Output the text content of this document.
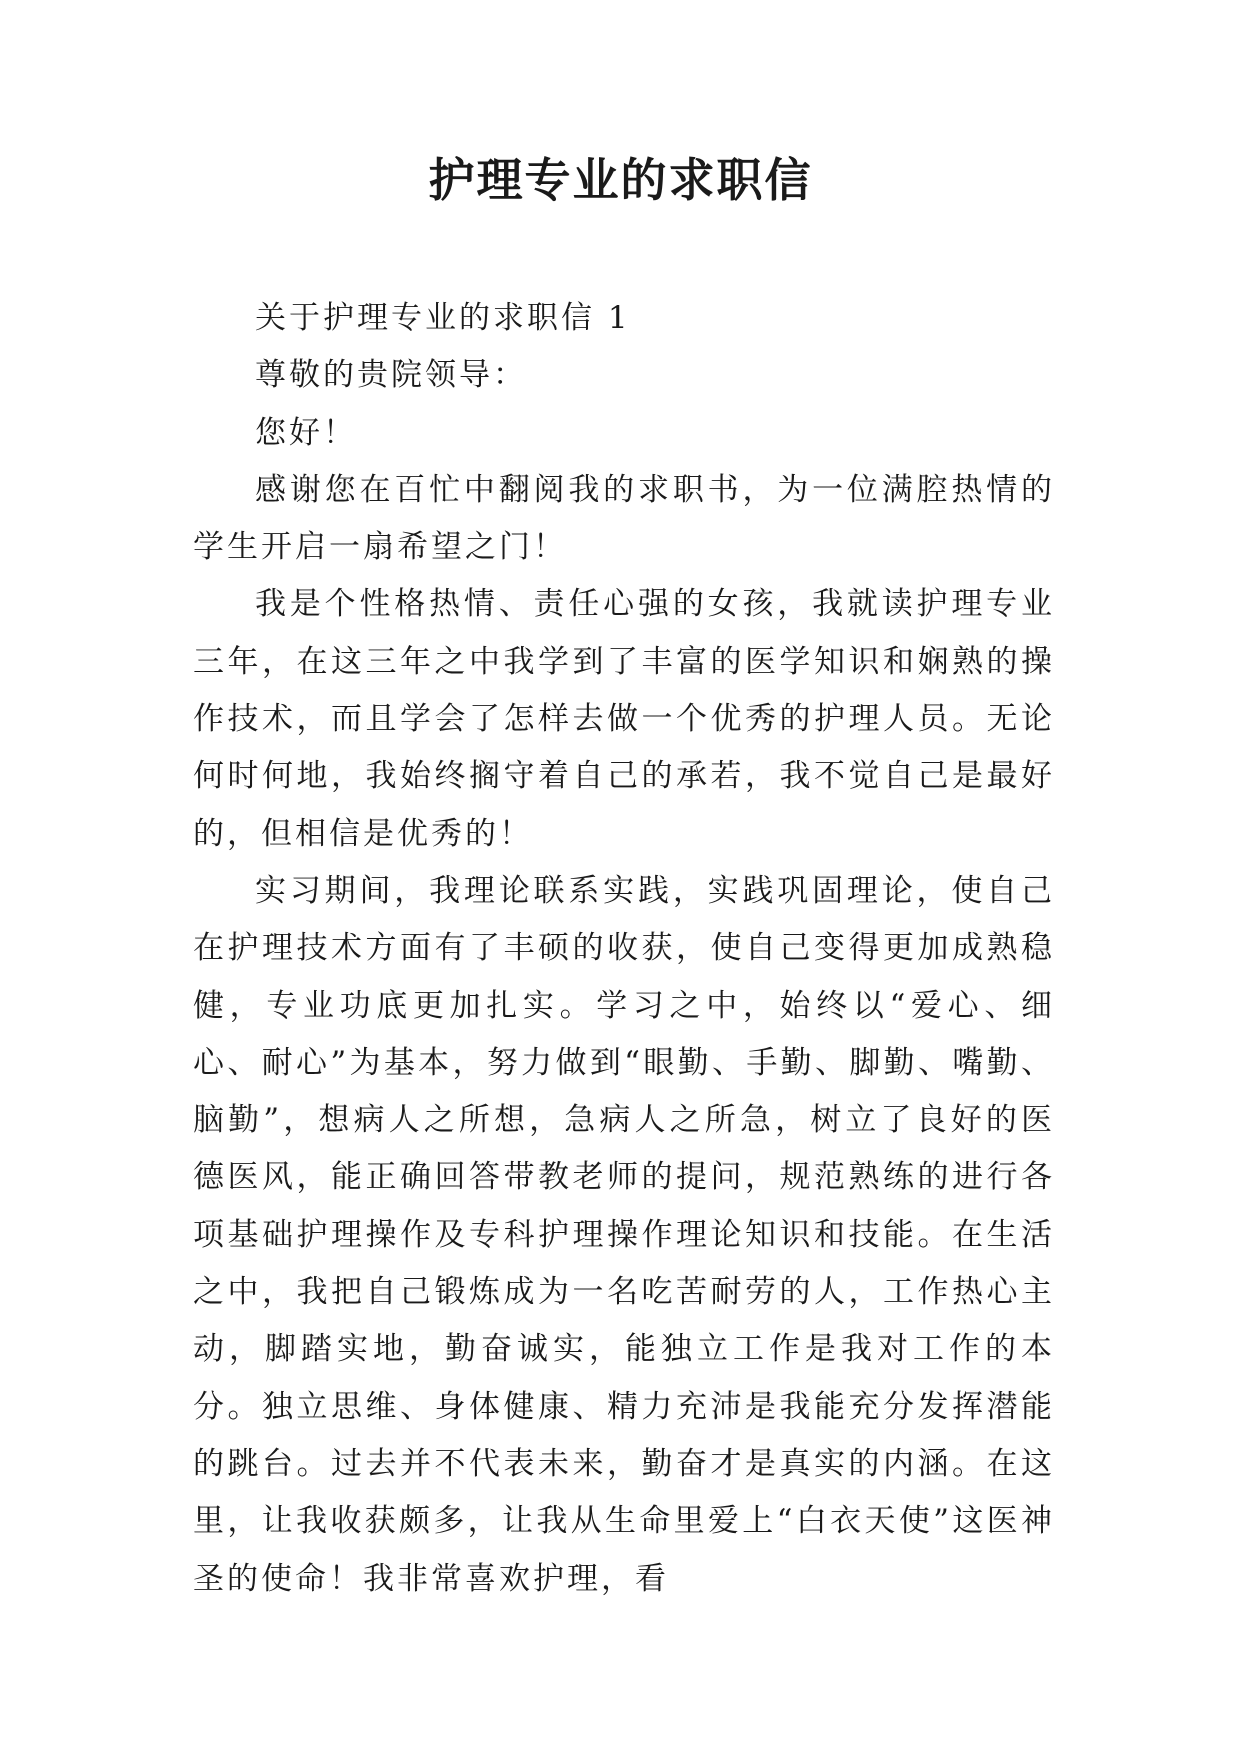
护理专业的求职信

关于护理专业的求职信 1

尊敬的贵院领导：

您好！

感谢您在百忙中翻阅我的求职书，为一位满腔热情的学生开启一扇希望之门！

我是个性格热情、责任心强的女孩，我就读护理专业三年，在这三年之中我学到了丰富的医学知识和娴熟的操作技术，而且学会了怎样去做一个优秀的护理人员。无论何时何地，我始终搁守着自己的承若，我不觉自己是最好的，但相信是优秀的！

实习期间，我理论联系实践，实践巩固理论，使自己在护理技术方面有了丰硕的收获，使自己变得更加成熟稳健，专业功底更加扎实。学习之中，始终以“爱心、细心、耐心”为基本，努力做到“眼勤、手勤、脚勤、嘴勤、脑勤”，想病人之所想，急病人之所急，树立了良好的医德医风，能正确回答带教老师的提问，规范熟练的进行各项基础护理操作及专科护理操作理论知识和技能。在生活之中，我把自己锻炼成为一名吃苦耐劳的人，工作热心主动，脚踏实地，勤奋诚实，能独立工作是我对工作的本分。独立思维、身体健康、精力充沛是我能充分发挥潜能的跳台。过去并不代表未来，勤奋才是真实的内涵。在这里，让我收获颇多，让我从生命里爱上“白衣天使”这医神圣的使命！我非常喜欢护理，看
